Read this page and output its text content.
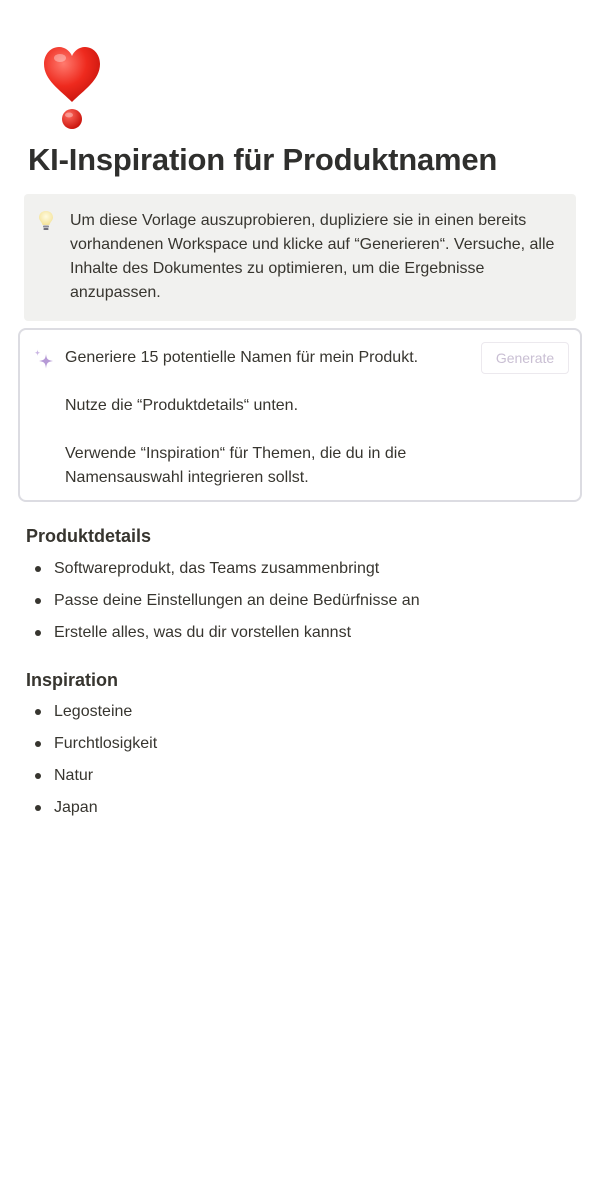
KI-Inspiration für Produktnamen
Um diese Vorlage auszuprobieren, dupliziere sie in einen bereits vorhandenen Workspace und klicke auf “Generieren“. Versuche, alle Inhalte des Dokumentes zu optimieren, um die Ergebnisse anzupassen.

Generiere 15 potentielle Namen für mein Produkt.

Nutze die “Produktdetails“ unten.

Verwende “Inspiration“ für Themen, die du in die Namensauswahl integrieren sollst.

Generate
Produktdetails
Softwareprodukt, das Teams zusammenbringt
Passe deine Einstellungen an deine Bedürfnisse an
Erstelle alles, was du dir vorstellen kannst
Inspiration
Legosteine
Furchtlosigkeit
Natur
Japan
